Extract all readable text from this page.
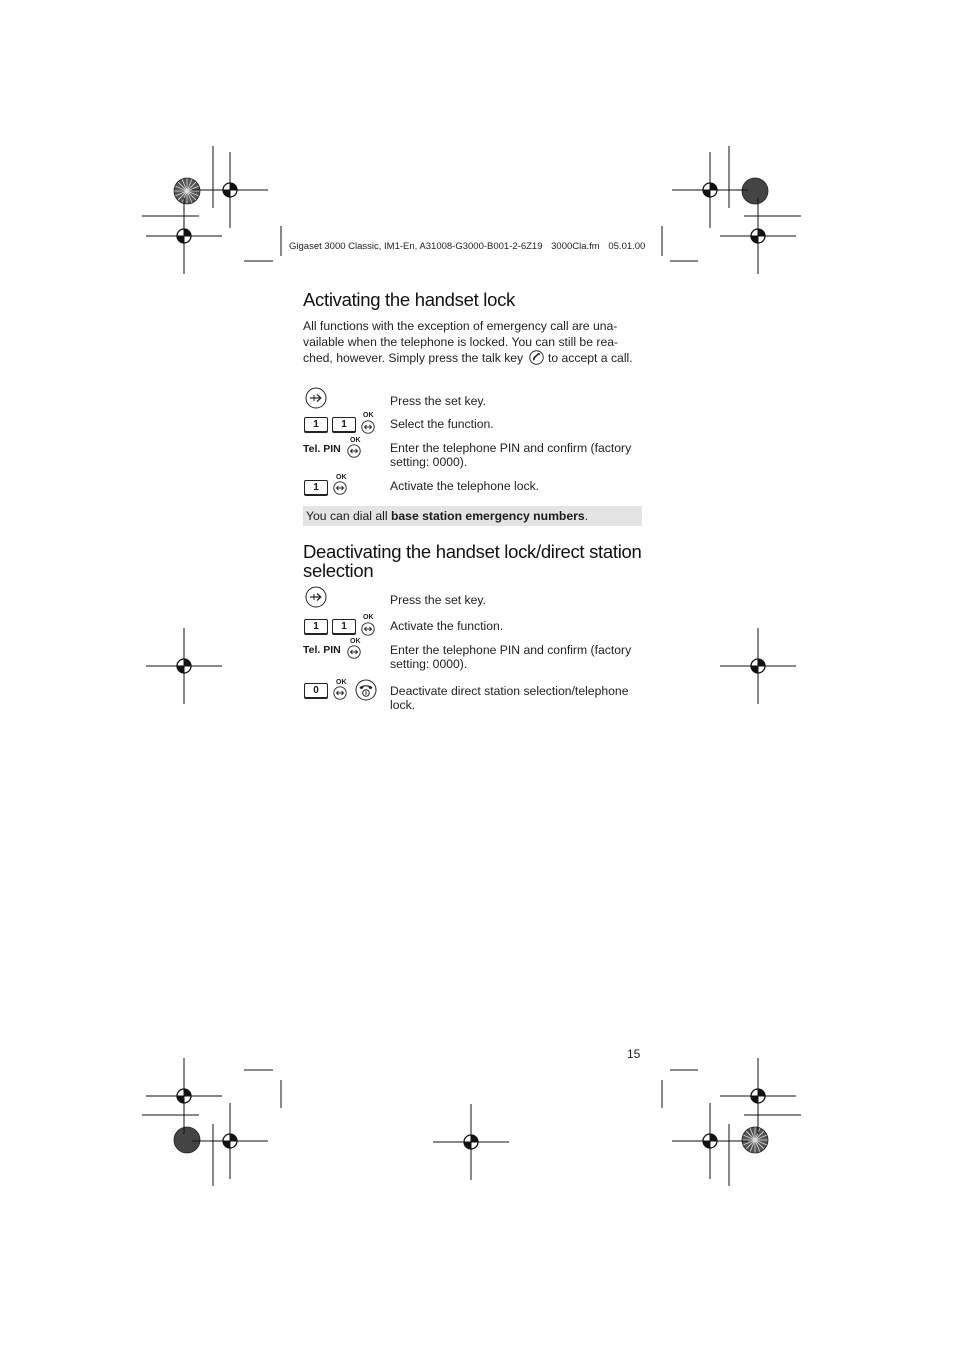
Gigaset 3000 Classic, IM1-En, A31008-G3000-B001-2-6Z19 3000Cla.fm 05.01.00
Activating the handset lock
All functions with the exception of emergency call are una-vailable when the telephone is locked. You can still be rea-ched, however. Simply press the talk key to accept a call.
Press the set key.
1	1
OK
Select the function.
Tel. PIN
OK
Enter the telephone PIN and confirm (factory setting: 0000).
1
OK
Activate the telephone lock.
You can dial all base station emergency numbers.
Deactivating the handset lock/direct station
selection
Press the set key.
1	1
OK
Activate the function.
Tel. PIN
OK
Enter the telephone PIN and confirm (factory setting: 0000).
0
OK
Deactivate direct station selection/telephone lock.
15
